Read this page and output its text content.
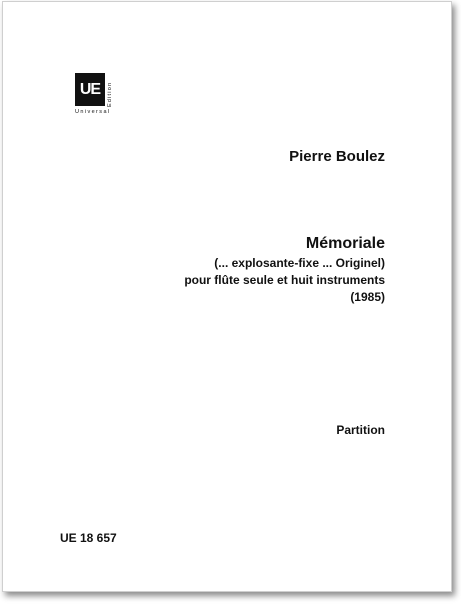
UE	Edition
Universal
Pierre Boulez
Mémoriale
(... explosante-fixe ... Originel)
pour flûte seule et huit instruments
(1985)
Partition
UE 18 657
